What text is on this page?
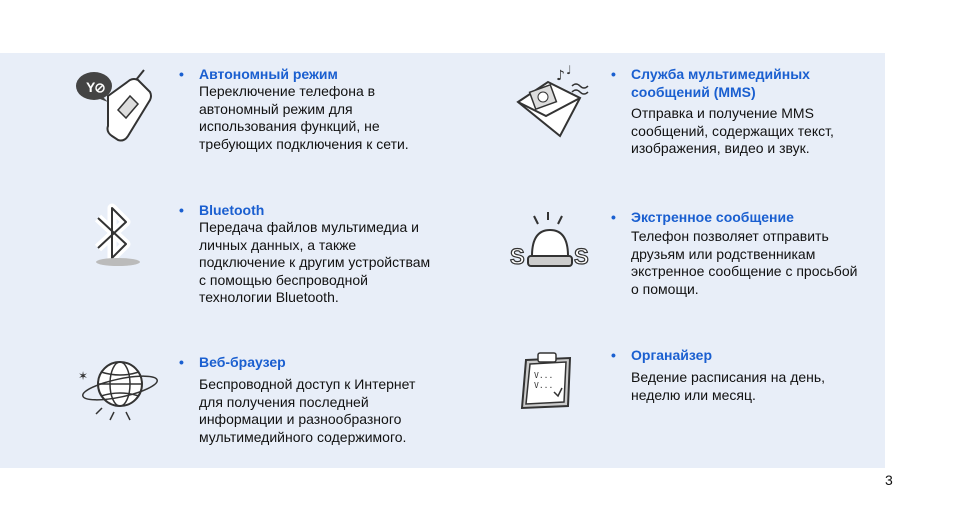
Y
• Автономный режим
Переключение телефона в
автономный режим для
использования функций, не
требующих подключения к сети.
♪ ♩	• Служба мультимедийных
сообщений (MMS)
Отправка и получение MMS
сообщений, содержащих текст,
изображения, видео и звук.
• Bluetooth
Передача файлов мультимедиа и
личных данных, а также
подключение к другим устройствам
с помощью беспроводной
технологии Bluetooth.
S S
• Экстренное сообщение
Телефон позволяет отправить
друзьям или родственникам
экстренное сообщение с просьбой
о помощи.
✶
• Веб-браузер
Беспроводной доступ к Интернет
для получения последней
информации и разнообразного
мультимедийного содержимого.
V...
V...
• Органайзер
Ведение расписания на день,
неделю или месяц.
3
